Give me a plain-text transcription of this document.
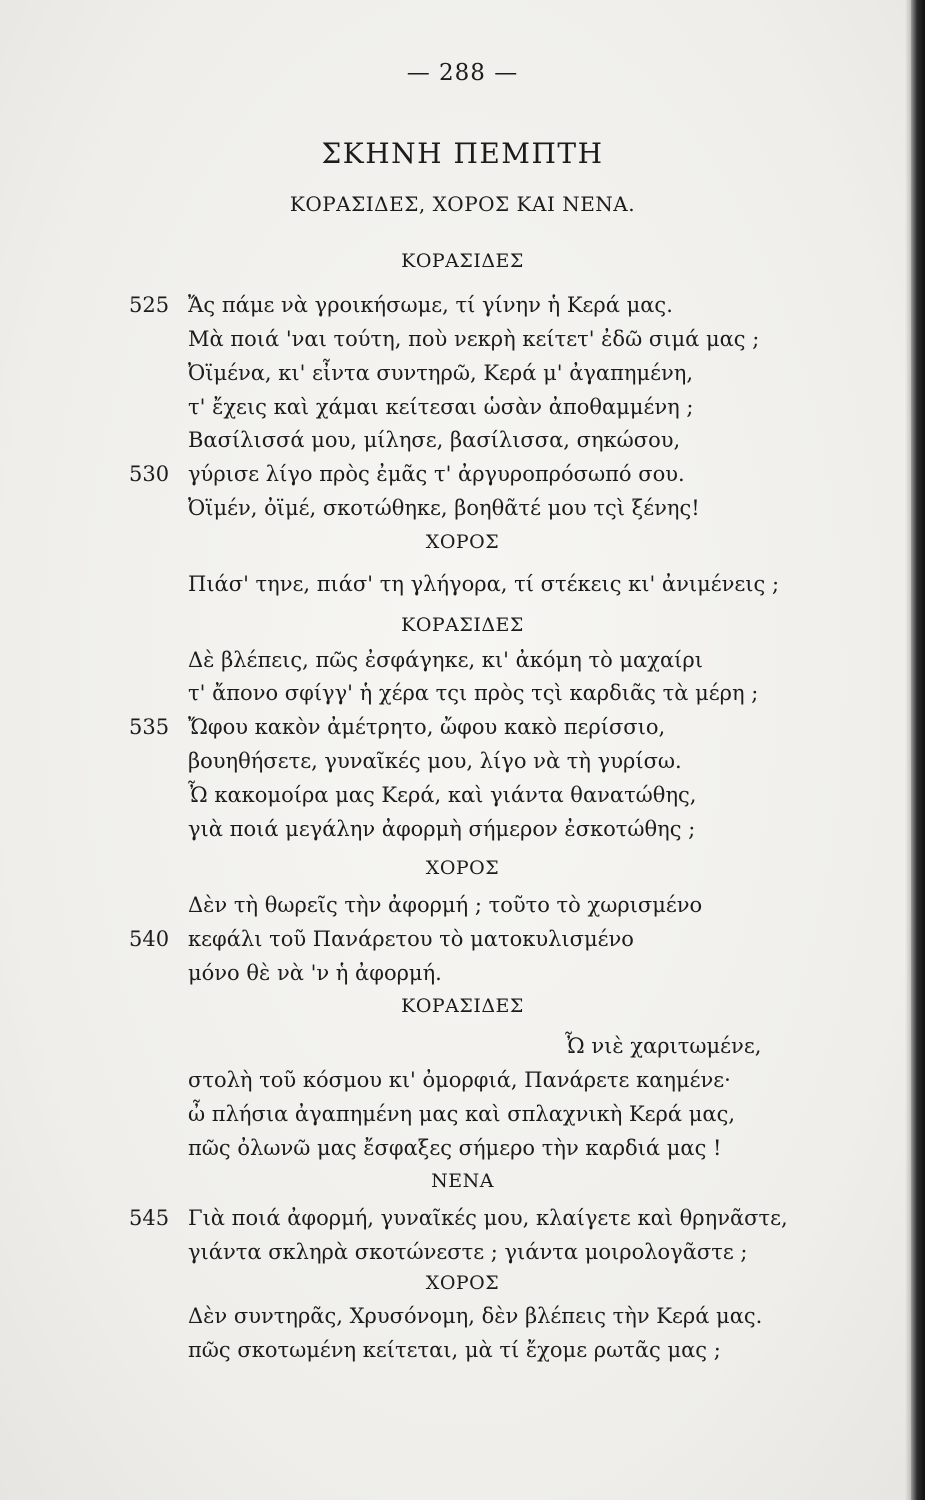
— 288 —
ΣΚΗΝΗ ΠΕΜΠΤΗ
ΚΟΡΑΣΙΔΕΣ, ΧΟΡΟΣ ΚΑΙ ΝΕΝΑ.
ΚΟΡΑΣΙΔΕΣ
525 Ἄς πάμε νὰ γροικήσωμε, τί γίνην ἡ Κερά μας.
Μὰ ποιά 'ναι τούτη, ποὺ νεκρὴ κείτετ' ἐδῶ σιμά μας ;
Ὀϊμένα, κι' εἶντα συντηρῶ, Κερά μ' ἀγαπημένη,
τ' ἔχεις καὶ χάμαι κείτεσαι ὡσὰν ἀποθαμμένη ;
Βασίλισσά μου, μίλησε, βασίλισσα, σηκώσου,
530 γύρισε λίγο πρὸς ἐμᾶς τ' ἀργυροπρόσωπό σου.
Ὀϊμέν, ὀϊμέ, σκοτώθηκε, βοηθᾶτέ μου τςὶ ξένης!
ΧΟΡΟΣ
Πιάσ' τηνε, πιάσ' τη γλήγορα, τί στέκεις κι' ἀνιμένεις ;
ΚΟΡΑΣΙΔΕΣ
Δὲ βλέπεις, πῶς ἐσφάγηκε, κι' ἀκόμη τὸ μαχαίρι
τ' ἄπονο σφίγγ' ἡ χέρα τςι πρὸς τςὶ καρδιᾶς τὰ μέρη ;
535 Ὤφου κακὸν ἀμέτρητο, ὤφου κακὸ περίσσιο,
βουηθήσετε, γυναῖκές μου, λίγο νὰ τὴ γυρίσω.
Ὦ κακομοίρα μας Κερά, καὶ γιάντα θανατώθης,
γιὰ ποιά μεγάλην ἀφορμὴ σήμερον ἐσκοτώθης ;
ΧΟΡΟΣ
Δὲν τὴ θωρεῖς τὴν ἀφορμή ; τοῦτο τὸ χωρισμένο
540 κεφάλι τοῦ Πανάρετου τὸ ματοκυλισμένο
μόνο θὲ νὰ 'ν ἡ ἀφορμή.
ΚΟΡΑΣΙΔΕΣ
Ὦ νιὲ χαριτωμένε,
στολὴ τοῦ κόσμου κι' ὀμορφιά, Πανάρετε καημένε·
ὦ πλήσια ἀγαπημένη μας καὶ σπλαχνικὴ Κερά μας,
πῶς ὀλωνῶ μας ἔσφαξες σήμερο τὴν καρδιά μας !
ΝΕΝΑ
545 Γιὰ ποιά ἀφορμή, γυναῖκές μου, κλαίγετε καὶ θρηνᾶστε,
γιάντα σκληρὰ σκοτώνεστε ; γιάντα μοιρολογᾶστε ;
ΧΟΡΟΣ
Δὲν συντηρᾶς, Χρυσόνομη, δὲν βλέπεις τὴν Κερά μας.
πῶς σκοτωμένη κείτεται, μὰ τί ἔχομε ρωτᾶς μας ;
